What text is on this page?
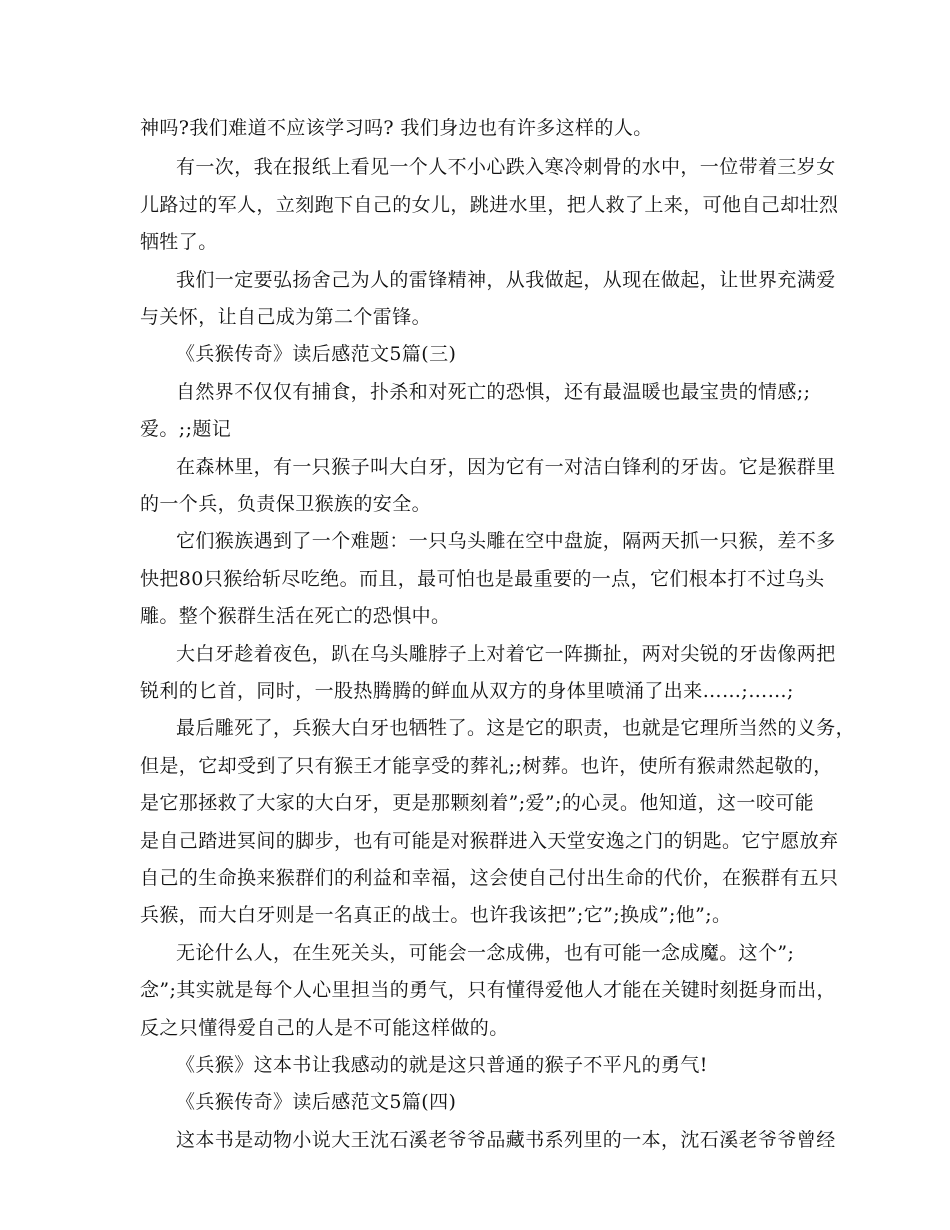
神吗?我们难道不应该学习吗? 我们身边也有许多这样的人。
有一次，我在报纸上看见一个人不小心跌入寒冷刺骨的水中，一位带着三岁女
儿路过的军人，立刻跑下自己的女儿，跳进水里，把人救了上来，可他自己却壮烈
牺牲了。
我们一定要弘扬舍己为人的雷锋精神，从我做起，从现在做起，让世界充满爱
与关怀，让自己成为第二个雷锋。
《兵猴传奇》读后感范文5篇(三)
自然界不仅仅有捕食，扑杀和对死亡的恐惧，还有最温暖也最宝贵的情感;;
爱。;;题记
在森林里，有一只猴子叫大白牙，因为它有一对洁白锋利的牙齿。它是猴群里
的一个兵，负责保卫猴族的安全。
它们猴族遇到了一个难题：一只乌头雕在空中盘旋，隔两天抓一只猴，差不多
快把80只猴给斩尽吃绝。而且，最可怕也是最重要的一点，它们根本打不过乌头
雕。整个猴群生活在死亡的恐惧中。
大白牙趁着夜色，趴在乌头雕脖子上对着它一阵撕扯，两对尖锐的牙齿像两把
锐利的匕首，同时，一股热腾腾的鲜血从双方的身体里喷涌了出来……;……;
最后雕死了，兵猴大白牙也牺牲了。这是它的职责，也就是它理所当然的义务，
但是，它却受到了只有猴王才能享受的葬礼;;树葬。也许，使所有猴肃然起敬的，
是它那拯救了大家的大白牙，更是那颗刻着”;爱”;的心灵。他知道，这一咬可能
是自己踏进冥间的脚步，也有可能是对猴群进入天堂安逸之门的钥匙。它宁愿放弃
自己的生命换来猴群们的利益和幸福，这会使自己付出生命的代价，在猴群有五只
兵猴，而大白牙则是一名真正的战士。也许我该把”;它”;换成”;他”;。
无论什么人，在生死关头，可能会一念成佛，也有可能一念成魔。这个”;
念”;其实就是每个人心里担当的勇气，只有懂得爱他人才能在关键时刻挺身而出，
反之只懂得爱自己的人是不可能这样做的。
《兵猴》这本书让我感动的就是这只普通的猴子不平凡的勇气!
《兵猴传奇》读后感范文5篇(四)
这本书是动物小说大王沈石溪老爷爷品藏书系列里的一本，沈石溪老爷爷曾经
